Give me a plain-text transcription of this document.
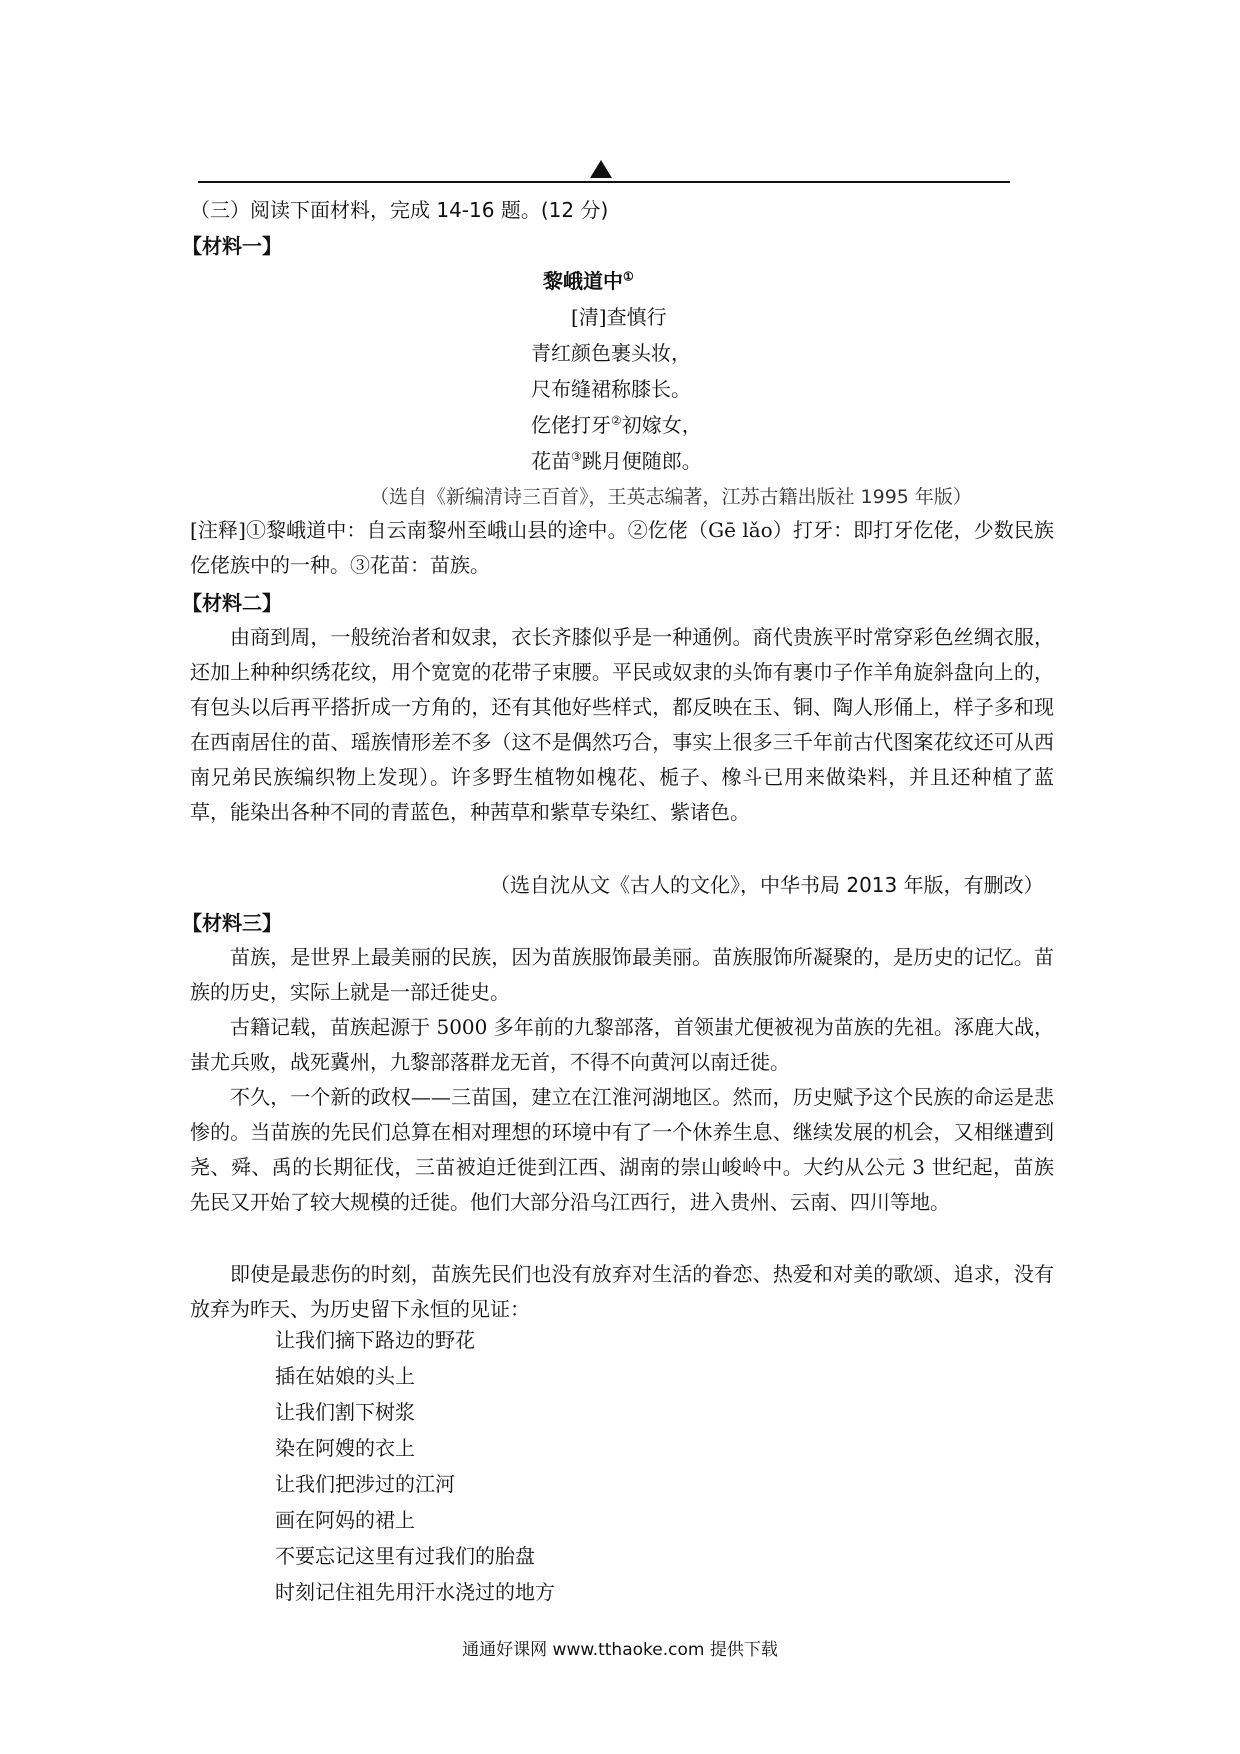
（三）阅读下面材料，完成 14-16 题。(12 分)
【材料一】
黎峨道中①
[清]查慎行
青红颜色裹头妆，
尺布缝裙称膝长。
仡佬打牙②初嫁女，
花苗③跳月便随郎。
（选自《新编清诗三百首》，王英志编著，江苏古籍出版社 1995 年版）
[注释]①黎峨道中：自云南黎州至峨山县的途中。②仡佬（Gē lǎo）打牙：即打牙仡佬，少数民族仡佬族中的一种。③花苗：苗族。
【材料二】
由商到周，一般统治者和奴隶，衣长齐膝似乎是一种通例。商代贵族平时常穿彩色丝绸衣服，还加上种种织绣花纹，用个宽宽的花带子束腰。平民或奴隶的头饰有裹巾子作羊角旋斜盘向上的，有包头以后再平搭折成一方角的，还有其他好些样式，都反映在玉、铜、陶人形俑上，样子多和现在西南居住的苗、瑶族情形差不多（这不是偶然巧合，事实上很多三千年前古代图案花纹还可从西南兄弟民族编织物上发现）。许多野生植物如槐花、栀子、橡斗已用来做染料，并且还种植了蓝草，能染出各种不同的青蓝色，种茜草和紫草专染红、紫诸色。
（选自沈从文《古人的文化》，中华书局 2013 年版，有删改）
【材料三】
苗族，是世界上最美丽的民族，因为苗族服饰最美丽。苗族服饰所凝聚的，是历史的记忆。苗族的历史，实际上就是一部迁徙史。
古籍记载，苗族起源于 5000 多年前的九黎部落，首领蚩尤便被视为苗族的先祖。涿鹿大战，蚩尤兵败，战死冀州，九黎部落群龙无首，不得不向黄河以南迁徙。
不久，一个新的政权——三苗国，建立在江淮河湖地区。然而，历史赋予这个民族的命运是悲惨的。当苗族的先民们总算在相对理想的环境中有了一个休养生息、继续发展的机会，又相继遭到尧、舜、禹的长期征伐，三苗被迫迁徙到江西、湖南的崇山峻岭中。大约从公元 3 世纪起，苗族先民又开始了较大规模的迁徙。他们大部分沿乌江西行，进入贵州、云南、四川等地。
即使是最悲伤的时刻，苗族先民们也没有放弃对生活的眷恋、热爱和对美的歌颂、追求，没有放弃为昨天、为历史留下永恒的见证：
让我们摘下路边的野花
插在姑娘的头上
让我们割下树浆
染在阿嫂的衣上
让我们把涉过的江河
画在阿妈的裙上
不要忘记这里有过我们的胎盘
时刻记住祖先用汗水浇过的地方
通通好课网 www.tthaoke.com 提供下载
